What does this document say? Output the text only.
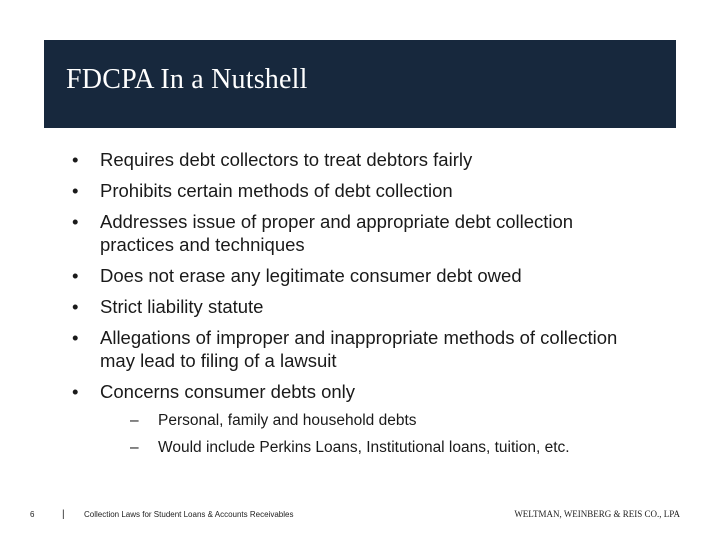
FDCPA In a Nutshell
• Requires debt collectors to treat debtors fairly
• Prohibits certain methods of debt collection
• Addresses issue of proper and appropriate debt collection practices and techniques
• Does not erase any legitimate consumer debt owed
• Strict liability statute
• Allegations of improper and inappropriate methods of collection may lead to filing of a lawsuit
• Concerns consumer debts only
– Personal, family and household debts
– Would include Perkins Loans, Institutional loans, tuition, etc.
6	| Collection Laws for Student Loans & Accounts Receivables	WELTMAN, WEINBERG & REIS CO., LPA
